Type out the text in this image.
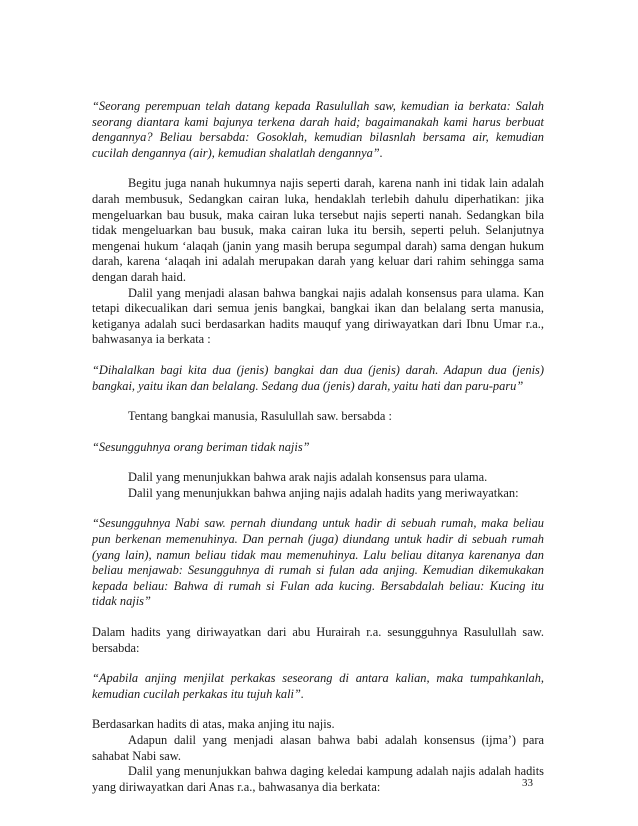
“Seorang perempuan telah datang kepada Rasulullah saw, kemudian ia berkata: Salah seorang diantara kami bajunya terkena darah haid; bagaimanakah kami harus berbuat dengannya? Beliau bersabda: Gosoklah, kemudian bilasnlah bersama air, kemudian cucilah dengannya (air), kemudian shalatlah dengannya”.

Begitu juga nanah hukumnya najis seperti darah, karena nanh ini tidak lain adalah darah membusuk, Sedangkan cairan luka, hendaklah terlebih dahulu diperhatikan: jika mengeluarkan bau busuk, maka cairan luka tersebut najis seperti nanah. Sedangkan bila tidak mengeluarkan bau busuk, maka cairan luka itu bersih, seperti peluh. Selanjutnya mengenai hukum ‘alaqah (janin yang masih berupa segumpal darah) sama dengan hukum darah, karena ‘alaqah ini adalah merupakan darah yang keluar dari rahim sehingga sama dengan darah haid.

Dalil yang menjadi alasan bahwa bangkai najis adalah konsensus para ulama. Kan tetapi dikecualikan dari semua jenis bangkai, bangkai ikan dan belalang serta manusia, ketiganya adalah suci berdasarkan hadits mauquf yang diriwayatkan dari Ibnu Umar r.a., bahwasanya ia berkata :

“Dihalalkan bagi kita dua (jenis) bangkai dan dua (jenis) darah. Adapun dua (jenis) bangkai, yaitu ikan dan belalang. Sedang dua (jenis) darah, yaitu hati dan paru-paru”

Tentang bangkai manusia, Rasulullah saw. bersabda :

“Sesungguhnya orang beriman tidak najis”

Dalil yang menunjukkan bahwa arak najis adalah konsensus para ulama.

Dalil yang menunjukkan bahwa anjing najis adalah hadits yang meriwayatkan:

“Sesungguhnya Nabi saw. pernah diundang untuk hadir di sebuah rumah, maka beliau pun berkenan memenuhinya. Dan pernah (juga) diundang untuk hadir di sebuah rumah (yang lain), namun beliau tidak mau memenuhinya. Lalu beliau ditanya karenanya dan beliau menjawab: Sesungguhnya di rumah si fulan ada anjing. Kemudian dikemukakan kepada beliau: Bahwa di rumah si Fulan ada kucing. Bersabdalah beliau: Kucing itu tidak najis”

Dalam hadits yang diriwayatkan dari abu Hurairah r.a. sesungguhnya Rasulullah saw. bersabda:

“Apabila anjing menjilat perkakas seseorang di antara kalian, maka tumpahkanlah, kemudian cucilah perkakas itu tujuh kali”.

Berdasarkan hadits di atas, maka anjing itu najis.

Adapun dalil yang menjadi alasan bahwa babi adalah konsensus (ijma’) para sahabat Nabi saw.

Dalil yang menunjukkan bahwa daging keledai kampung adalah najis adalah hadits yang diriwayatkan dari Anas r.a., bahwasanya dia berkata:	33
